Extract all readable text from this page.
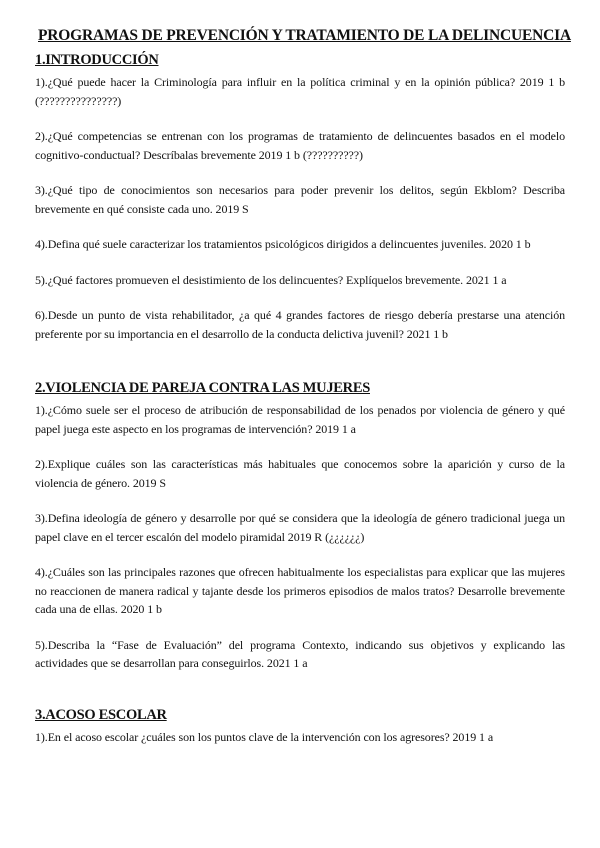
PROGRAMAS DE PREVENCIÓN Y TRATAMIENTO DE LA DELINCUENCIA
1.INTRODUCCIÓN

1).¿Qué puede hacer la Criminología para influir en la política criminal y en la opinión pública? 2019 1 b (???????????????)

2).¿Qué competencias se entrenan con los programas de tratamiento de delincuentes basados en el modelo cognitivo-conductual? Descríbalas brevemente 2019 1 b (??????????)

3).¿Qué tipo de conocimientos son necesarios para poder prevenir los delitos, según Ekblom? Describa brevemente en qué consiste cada uno. 2019 S

4).Defina qué suele caracterizar los tratamientos psicológicos dirigidos a delincuentes juveniles. 2020 1 b

5).¿Qué factores promueven el desistimiento de los delincuentes? Explíquelos brevemente. 2021 1 a

6).Desde un punto de vista rehabilitador, ¿a qué 4 grandes factores de riesgo debería prestarse una atención preferente por su importancia en el desarrollo de la conducta delictiva juvenil? 2021 1 b

2.VIOLENCIA DE PAREJA CONTRA LAS MUJERES

1).¿Cómo suele ser el proceso de atribución de responsabilidad de los penados por violencia de género y qué papel juega este aspecto en los programas de intervención? 2019 1 a

2).Explique cuáles son las características más habituales que conocemos sobre la aparición y curso de la violencia de género. 2019 S

3).Defina ideología de género y desarrolle por qué se considera que la ideología de género tradicional juega un papel clave en el tercer escalón del modelo piramidal 2019 R (¿¿¿¿¿¿)

4).¿Cuáles son las principales razones que ofrecen habitualmente los especialistas para explicar que las mujeres no reaccionen de manera radical y tajante desde los primeros episodios de malos tratos? Desarrolle brevemente cada una de ellas. 2020 1 b

5).Describa la “Fase de Evaluación” del programa Contexto, indicando sus objetivos y explicando las actividades que se desarrollan para conseguirlos. 2021 1 a

3.ACOSO ESCOLAR

1).En el acoso escolar ¿cuáles son los puntos clave de la intervención con los agresores? 2019 1 a
